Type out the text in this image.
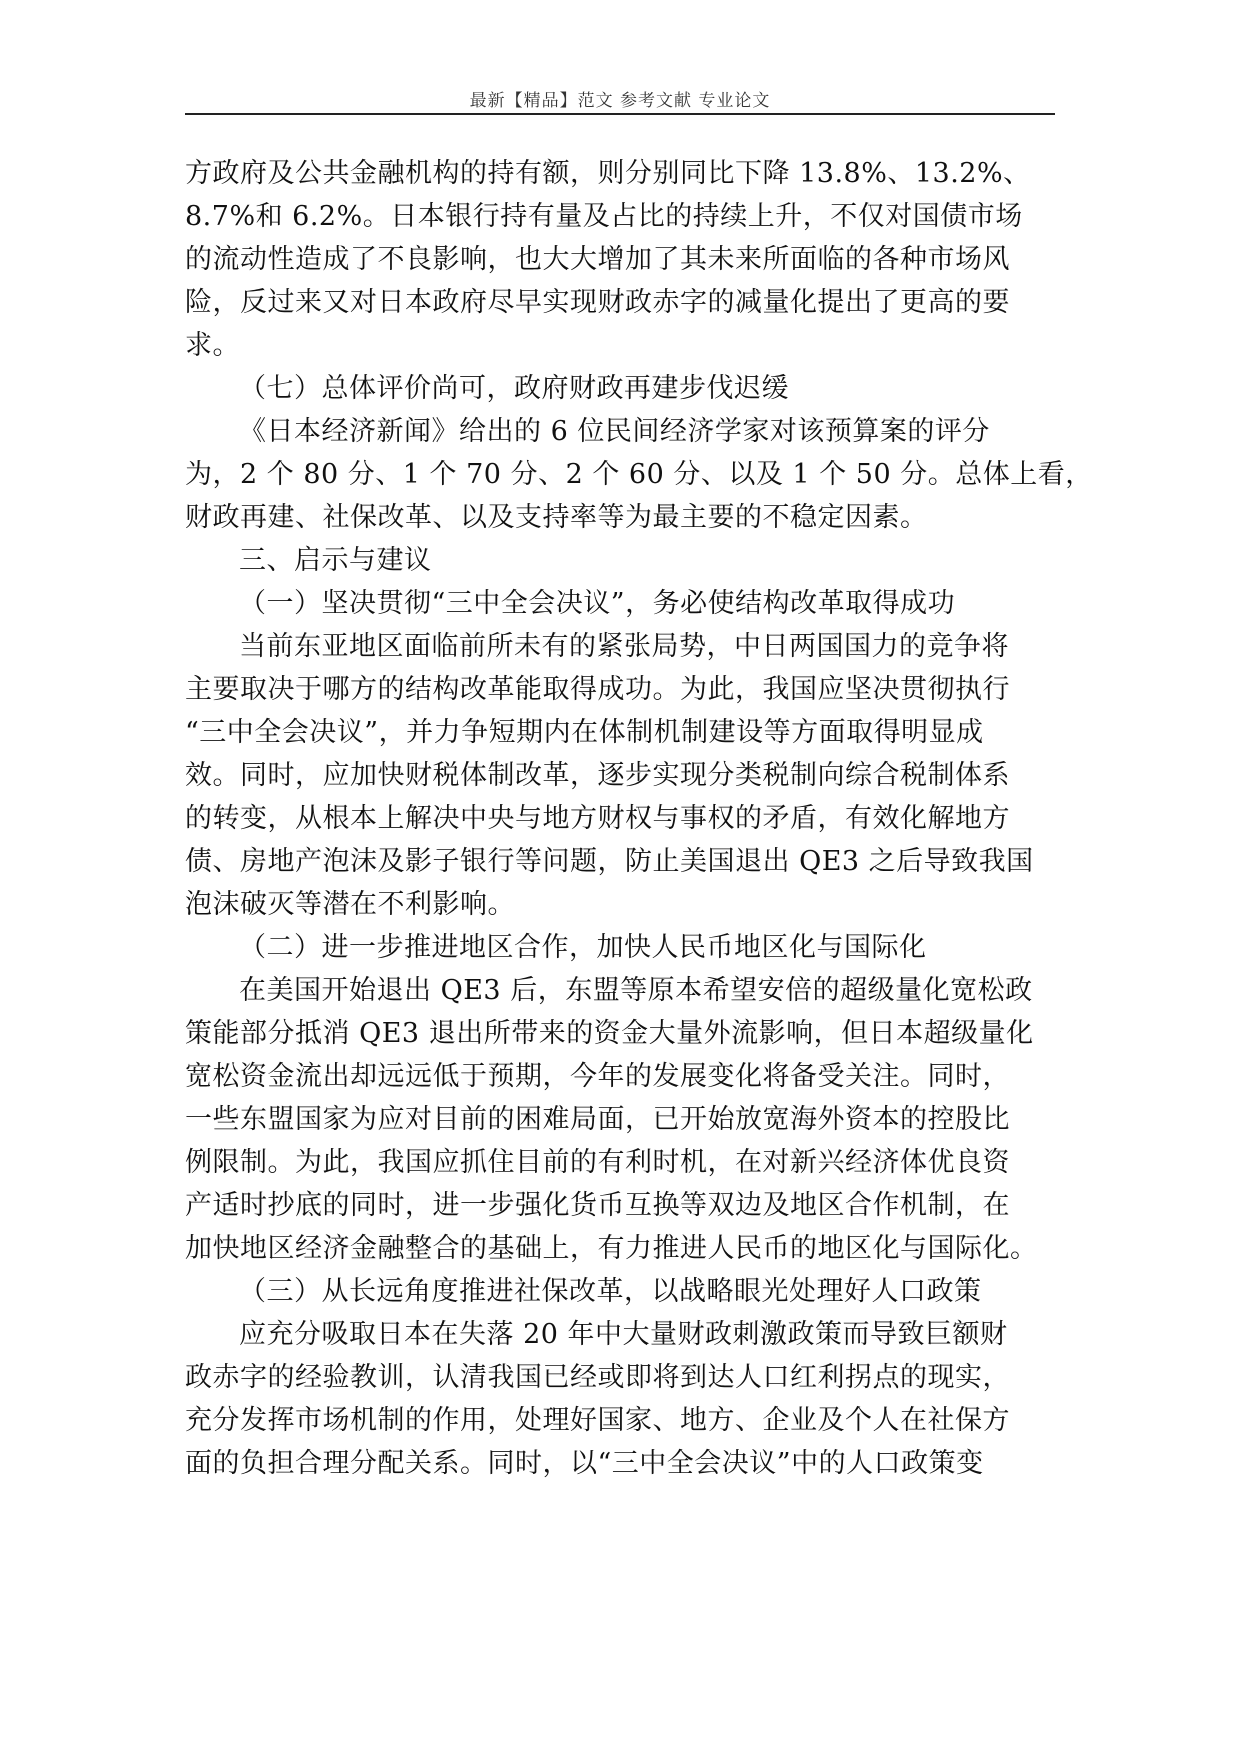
最新【精品】范文 参考文献 专业论文
方政府及公共金融机构的持有额，则分别同比下降 13.8%、13.2%、
8.7%和 6.2%。日本银行持有量及占比的持续上升，不仅对国债市场
的流动性造成了不良影响，也大大增加了其未来所面临的各种市场风
险，反过来又对日本政府尽早实现财政赤字的减量化提出了更高的要
求。
（七）总体评价尚可，政府财政再建步伐迟缓
《日本经济新闻》给出的 6 位民间经济学家对该预算案的评分
为，2 个 80 分、1 个 70 分、2 个 60 分、以及 1 个 50 分。总体上看，
财政再建、社保改革、以及支持率等为最主要的不稳定因素。
三、启示与建议
（一）坚决贯彻“三中全会决议”，务必使结构改革取得成功
当前东亚地区面临前所未有的紧张局势，中日两国国力的竞争将
主要取决于哪方的结构改革能取得成功。为此，我国应坚决贯彻执行
“三中全会决议”，并力争短期内在体制机制建设等方面取得明显成
效。同时，应加快财税体制改革，逐步实现分类税制向综合税制体系
的转变，从根本上解决中央与地方财权与事权的矛盾，有效化解地方
债、房地产泡沫及影子银行等问题，防止美国退出 QE3 之后导致我国
泡沫破灭等潜在不利影响。
（二）进一步推进地区合作，加快人民币地区化与国际化
在美国开始退出 QE3 后，东盟等原本希望安倍的超级量化宽松政
策能部分抵消 QE3 退出所带来的资金大量外流影响，但日本超级量化
宽松资金流出却远远低于预期，今年的发展变化将备受关注。同时，
一些东盟国家为应对目前的困难局面，已开始放宽海外资本的控股比
例限制。为此，我国应抓住目前的有利时机，在对新兴经济体优良资
产适时抄底的同时，进一步强化货币互换等双边及地区合作机制，在
加快地区经济金融整合的基础上，有力推进人民币的地区化与国际化。
（三）从长远角度推进社保改革，以战略眼光处理好人口政策
应充分吸取日本在失落 20 年中大量财政刺激政策而导致巨额财
政赤字的经验教训，认清我国已经或即将到达人口红利拐点的现实，
充分发挥市场机制的作用，处理好国家、地方、企业及个人在社保方
面的负担合理分配关系。同时，以“三中全会决议”中的人口政策变
